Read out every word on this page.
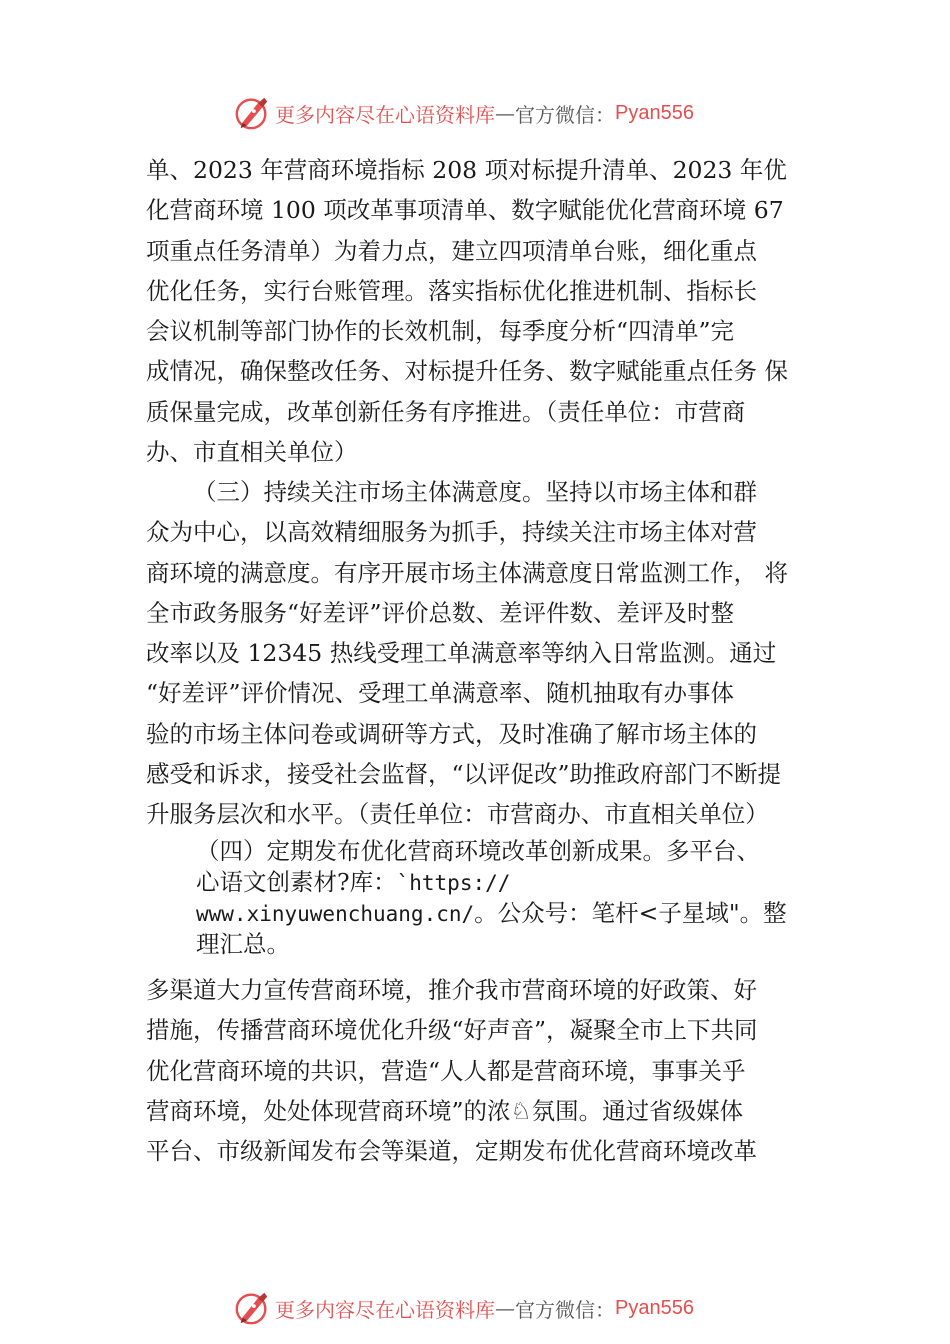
更多内容尽在心语资料库 — 官方微信： Pyan556
单、2023 年营商环境指标 208 项对标提升清单、2023 年优
化营商环境 100 项改革事项清单、数字赋能优化营商环境 67
项重点任务清单）为着力点，建立四项清单台账，细化重点
优化任务，实行台账管理。落实指标优化推进机制、指标长
会议机制等部门协作的长效机制，每季度分析“四清单”完
成情况，确保整改任务、对标提升任务、数字赋能重点任务 保
质保量完成，改革创新任务有序推进。（责任单位：市营商
办、市直相关单位）
（三）持续关注市场主体满意度。坚持以市场主体和群
众为中心，以高效精细服务为抓手，持续关注市场主体对营
商环境的满意度。有序开展市场主体满意度日常监测工作， 将
全市政务服务“好差评”评价总数、差评件数、差评及时整
改率以及 12345 热线受理工单满意率等纳入日常监测。通过
“好差评”评价情况、受理工单满意率、随机抽取有办事体
验的市场主体问卷或调研等方式，及时准确了解市场主体的
感受和诉求，接受社会监督，“以评促改”助推政府部门不断提
升服务层次和水平。（责任单位：市营商办、市直相关单位）
（四）定期发布优化营商环境改革创新成果。多平台、
心语文创素材?库：`https://
www.xinyuwenchuang.cn/。公众号：笔杆<子星域"。整
理汇总。
多渠道大力宣传营商环境，推介我市营商环境的好政策、好
措施，传播营商环境优化升级“好声音”，凝聚全市上下共同
优化营商环境的共识，营造“人人都是营商环境，事事关乎
营商环境，处处体现营商环境”的浓♘氛围。通过省级媒体
平台、市级新闻发布会等渠道，定期发布优化营商环境改革
更多内容尽在心语资料库 — 官方微信： Pyan556
